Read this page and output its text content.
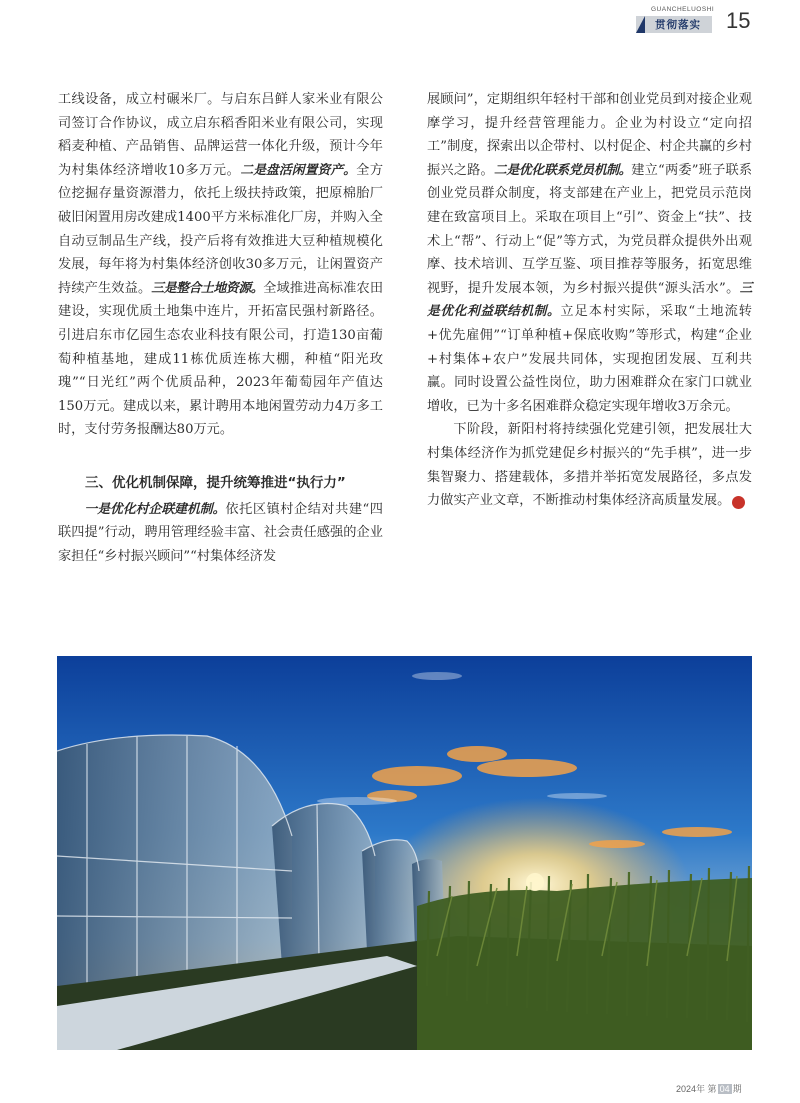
GUANCHELUOSHI
贯彻落实 15

工线设备，成立村碾米厂。与启东吕鲜人家米业有限公司签订合作协议，成立启东稻香阳米业有限公司，实现稻麦种植、产品销售、品牌运营一体化升级，预计今年为村集体经济增收10多万元。二是盘活闲置资产。全方位挖掘存量资源潜力，依托上级扶持政策，把原棉胎厂破旧闲置用房改建成1400平方米标准化厂房，并购入全自动豆制品生产线，投产后将有效推进大豆种植规模化发展，每年将为村集体经济创收30多万元，让闲置资产持续产生效益。三是整合土地资源。全域推进高标准农田建设，实现优质土地集中连片，开拓富民强村新路径。引进启东市亿园生态农业科技有限公司，打造130亩葡萄种植基地，建成11栋优质连栋大棚，种植“阳光玫瑰”“日光红”两个优质品种，2023年葡萄园年产值达150万元。建成以来，累计聘用本地闲置劳动力4万多工时，支付劳务报酬达80万元。

三、优化机制保障，提升统筹推进“执行力”

一是优化村企联建机制。依托区镇村企结对共建“四联四提”行动，聘用管理经验丰富、社会责任感强的企业家担任“乡村振兴顾问”“村集体经济发

展顾问”，定期组织年轻村干部和创业党员到对接企业观摩学习，提升经营管理能力。企业为村设立“定向招工”制度，探索出以企带村、以村促企、村企共赢的乡村振兴之路。二是优化联系党员机制。建立“两委”班子联系创业党员群众制度，将支部建在产业上，把党员示范岗建在致富项目上。采取在项目上“引”、资金上“扶”、技术上“帮”、行动上“促”等方式，为党员群众提供外出观摩、技术培训、互学互鉴、项目推荐等服务，拓宽思维视野，提升发展本领，为乡村振兴提供“源头活水”。三是优化利益联结机制。立足本村实际，采取“土地流转+优先雇佣”“订单种植+保底收购”等形式，构建“企业+村集体+农户”发展共同体，实现抱团发展、互利共赢。同时设置公益性岗位，助力困难群众在家门口就业增收，已为十多名困难群众稳定实现年增收3万余元。

下阶段，新阳村将持续强化党建引领，把发展壮大村集体经济作为抓党建促乡村振兴的“先手棋”，进一步集智聚力、搭建载体，多措并举拓宽发展路径，多点发力做实产业文章，不断推动村集体经济高质量发展。	君

2024年 第 04 期
